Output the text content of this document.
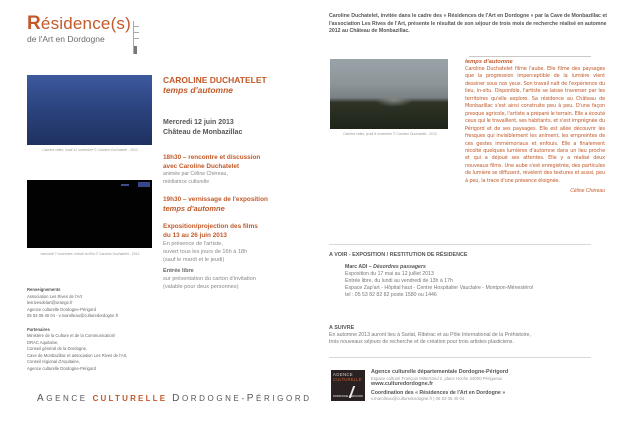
Résidence(s)
de l'Art en Dordogne
Caméra vidéo, lundi 12 novembre © Caroline Duchatelet - 2012
mercredi 7 novembre, extrait du film © Caroline Duchatelet - 2012
Renseignements
Association Les Rives de l'Art
lesrivesdelart@orange.fr
Agence culturelle Dordogne-Périgord
05 53 06 40 04 - v.marolleau@culturedordogne.fr
Partenaires
Ministère de la Culture et de la Communication/
DRAC Aquitaine,
Conseil général de la Dordogne,
Cave de Monbazillac et association Les Rives de l'Art,
Conseil régional d'Aquitaine,
Agence culturelle Dordogne-Périgord
CAROLINE DUCHATELET
temps d'automne
Mercredi 12 juin 2013
Château de Monbazillac
18h30 – rencontre et discussion
avec Caroline Duchatelet
animée par Céline Chéreau,
médiatrice culturelle
19h30 – vernissage de l'exposition
temps d'automne
Exposition/projection des films
du 13 au 26 juin 2013
En présence de l'artiste,
ouvert tous les jours de 16h à 18h
(sauf le mardi et le jeudi)
Entrée libre
sur présentation du carton d'invitation
(valable pour deux personnes)
AGENCE CULTURELLE DORDOGNE-PÉRIGORD
Caroline Duchatelet, invitée dans le cadre des « Résidences de l'Art en Dordogne » par la Cave de Monbazillac et l'association Les Rives de l'Art, présente le résultat de son séjour de trois mois de recherche réalisé en automne 2012 au Château de Monbazillac.
Caméra vidéo, jeudi 8 novembre © Caroline Duchatelet - 2012
temps d'automne
Caroline Duchatelet filme l'aube. Elle filme des paysages que la progression imperceptible de la lumière vient dessiner sous nos yeux. Son travail naît de l'expérience du lieu, in-situ. Disponible, l'artiste se laisse traverser par les territoires qu'elle explore. Sa résidence au Château de Monbazillac s'est ainsi construite peu à peu. D'une façon presque agricole, l'artiste a préparé le terrain. Elle a écouté ceux qui le travaillent, ses habitants, et s'est imprégnée du Périgord et de ses paysages. Elle est allée découvrir les fresques qui invisiblement les animent, les empreintes de ces gestes immémoriaux et enfouis. Elle a finalement récolté quelques lumières d'automne dans un lieu proche et qui a déjoué ses attentes. Elle y a réalisé deux nouveaux films. Une aube s'est enregistrée, des particules de lumière se diffusent, révèlent des textures et aussi, peu à peu, la trace d'une présence éloignée.
Céline Chéreau
A VOIR - EXPOSITION / RESTITUTION DE RÉSIDENCE
Marc ADI – Désordres passagers
Exposition du 17 mai au 12 juillet 2013
Entrée libre, du lundi au vendredi de 13h à 17h
Espace Zap'art - Hôpital haut - Centre Hospitalier Vauclaire - Montpon-Ménestérol
tel : 05 53 82 82 82 poste 1580 ou 1446
A SUIVRE
En automne 2013 auront lieu à Sarlat, Ribérac et au Pôle International de la Préhistoire,
trois nouveaux séjours de recherche et de création pour trois artistes plasticiens.
AGENCE
CULTURELLE
DORDOGNE PÉRIGORD
Agence culturelle départementale Dordogne-Périgord
Espace culturel François Mitterrand 2, place Hoche 24000 Périgueux
www.culturedordogne.fr
Coordination des « Résidences de l'Art en Dordogne »
v.marolleau@culturedordogne.fr | 05 53 06 40 04
